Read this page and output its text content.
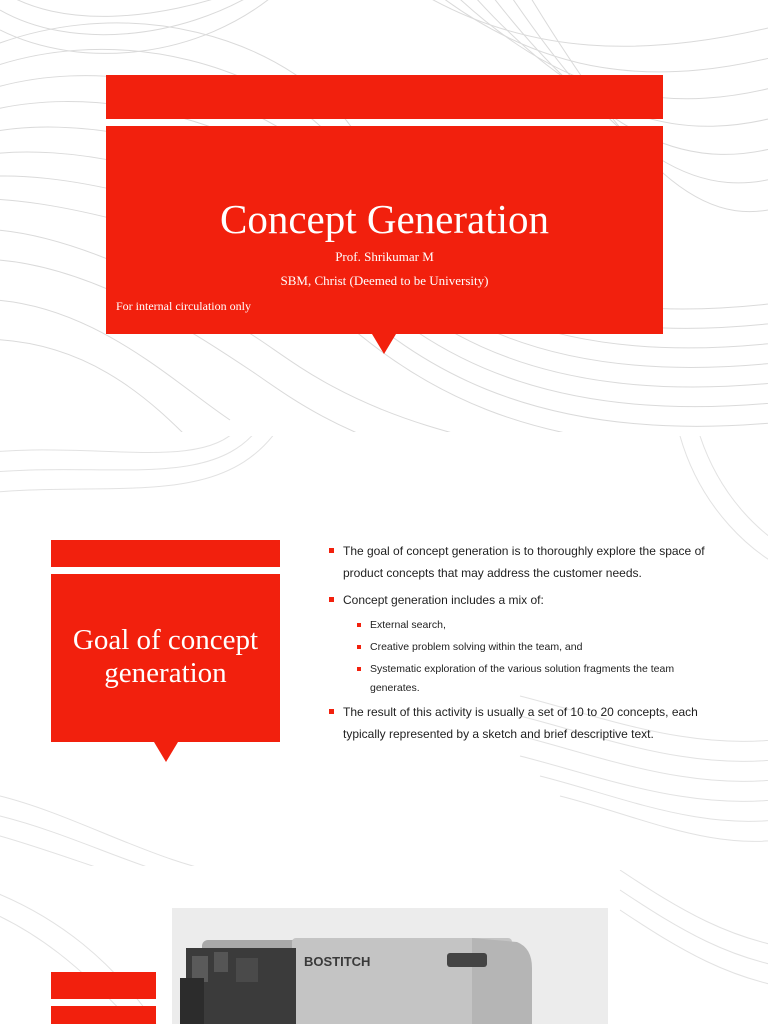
Concept Generation
Prof. Shrikumar M
SBM, Christ (Deemed to be University)
For internal circulation only
Goal of concept generation
The goal of concept generation is to thoroughly explore the space of product concepts that may address the customer needs.
Concept generation includes a mix of:
External search,
Creative problem solving within the team, and
Systematic exploration of the various solution fragments the team generates.
The result of this activity is usually a set of 10 to 20 concepts, each typically represented by a sketch and brief descriptive text.
BOSTITCH
